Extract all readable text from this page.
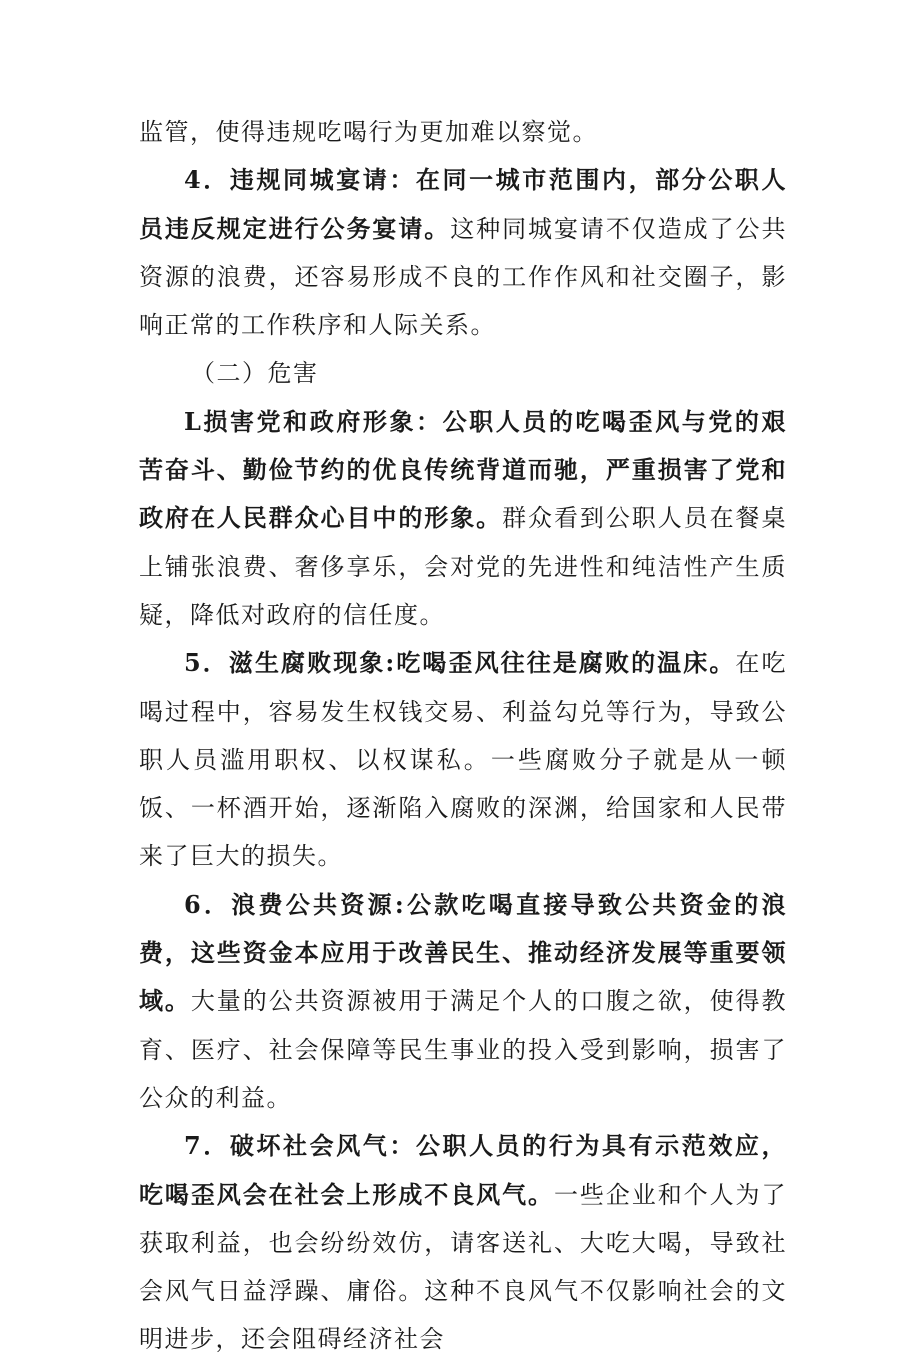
监管，使得违规吃喝行为更加难以察觉。

4．违规同城宴请：在同一城市范围内，部分公职人员违反规定进行公务宴请。这种同城宴请不仅造成了公共资源的浪费，还容易形成不良的工作作风和社交圈子，影响正常的工作秩序和人际关系。

（二）危害

L损害党和政府形象：公职人员的吃喝歪风与党的艰苦奋斗、勤俭节约的优良传统背道而驰，严重损害了党和政府在人民群众心目中的形象。群众看到公职人员在餐桌上铺张浪费、奢侈享乐，会对党的先进性和纯洁性产生质疑，降低对政府的信任度。

5．滋生腐败现象:吃喝歪风往往是腐败的温床。在吃喝过程中，容易发生权钱交易、利益勾兑等行为，导致公职人员滥用职权、以权谋私。一些腐败分子就是从一顿饭、一杯酒开始，逐渐陷入腐败的深渊，给国家和人民带来了巨大的损失。

6．浪费公共资源:公款吃喝直接导致公共资金的浪费，这些资金本应用于改善民生、推动经济发展等重要领域。大量的公共资源被用于满足个人的口腹之欲，使得教育、医疗、社会保障等民生事业的投入受到影响，损害了公众的利益。

7．破坏社会风气：公职人员的行为具有示范效应，吃喝歪风会在社会上形成不良风气。一些企业和个人为了获取利益，也会纷纷效仿，请客送礼、大吃大喝，导致社会风气日益浮躁、庸俗。这种不良风气不仅影响社会的文明进步，还会阻碍经济社会
